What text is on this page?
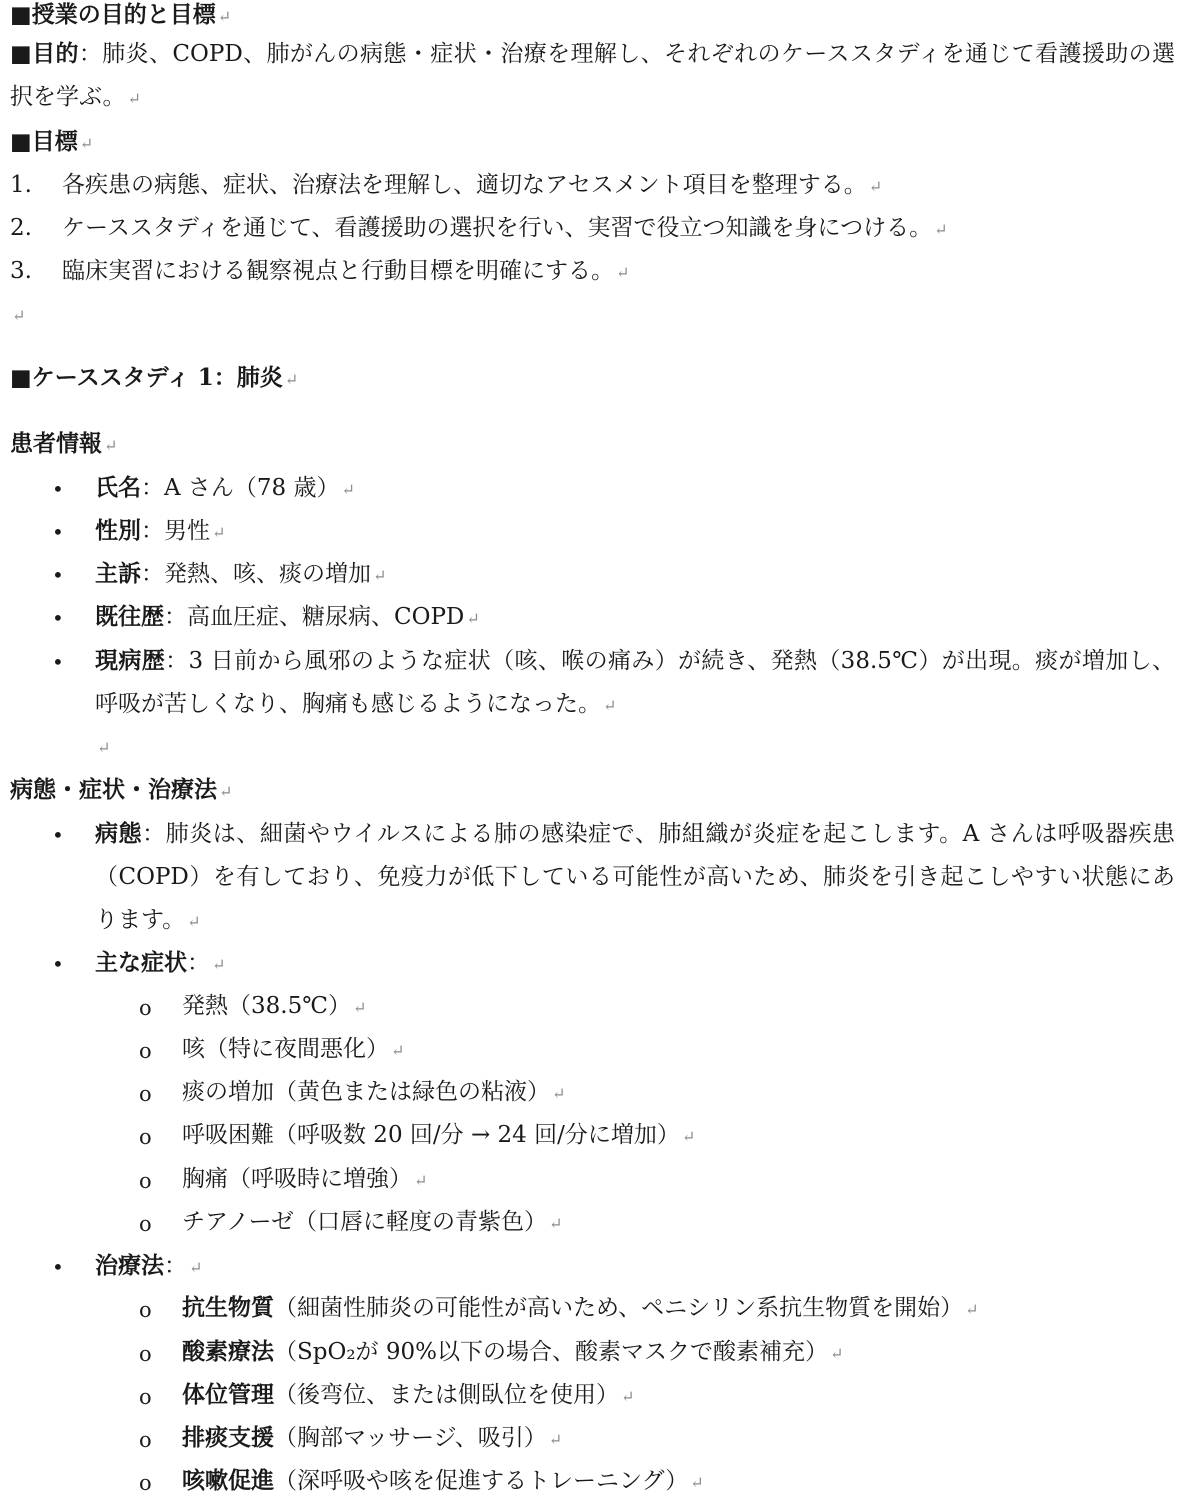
■授業の目的と目標 ↵
■目的：肺炎、COPD、肺がんの病態・症状・治療を理解し、それぞれのケーススタディを通じて看護援助の選択を学ぶ。 ↵
■目標 ↵
1. 各疾患の病態、症状、治療法を理解し、適切なアセスメント項目を整理する。 ↵
2. ケーススタディを通じて、看護援助の選択を行い、実習で役立つ知識を身につける。 ↵
3. 臨床実習における観察視点と行動目標を明確にする。 ↵
↵
■ケーススタディ 1：肺炎 ↵
患者情報 ↵
• 氏名：A さん（78 歳） ↵
• 性別：男性 ↵
• 主訴：発熱、咳、痰の増加 ↵
• 既往歴：高血圧症、糖尿病、COPD ↵
• 現病歴：3 日前から風邪のような症状（咳、喉の痛み）が続き、発熱（38.5℃）が出現。痰が増加し、呼吸が苦しくなり、胸痛も感じるようになった。 ↵
↵
病態・症状・治療法 ↵
• 病態：肺炎は、細菌やウイルスによる肺の感染症で、肺組織が炎症を起こします。A さんは呼吸器疾患（COPD）を有しており、免疫力が低下している可能性が高いため、肺炎を引き起こしやすい状態にあります。 ↵
• 主な症状： ↵
o 発熱（38.5℃） ↵
o 咳（特に夜間悪化） ↵
o 痰の増加（黄色または緑色の粘液） ↵
o 呼吸困難（呼吸数 20 回/分 → 24 回/分に増加） ↵
o 胸痛（呼吸時に増強） ↵
o チアノーゼ（口唇に軽度の青紫色） ↵
• 治療法： ↵
o 抗生物質（細菌性肺炎の可能性が高いため、ペニシリン系抗生物質を開始） ↵
o 酸素療法（SpO₂が 90%以下の場合、酸素マスクで酸素補充） ↵
o 体位管理（後弯位、または側臥位を使用） ↵
o 排痰支援（胸部マッサージ、吸引） ↵
o 咳嗽促進（深呼吸や咳を促進するトレーニング） ↵
